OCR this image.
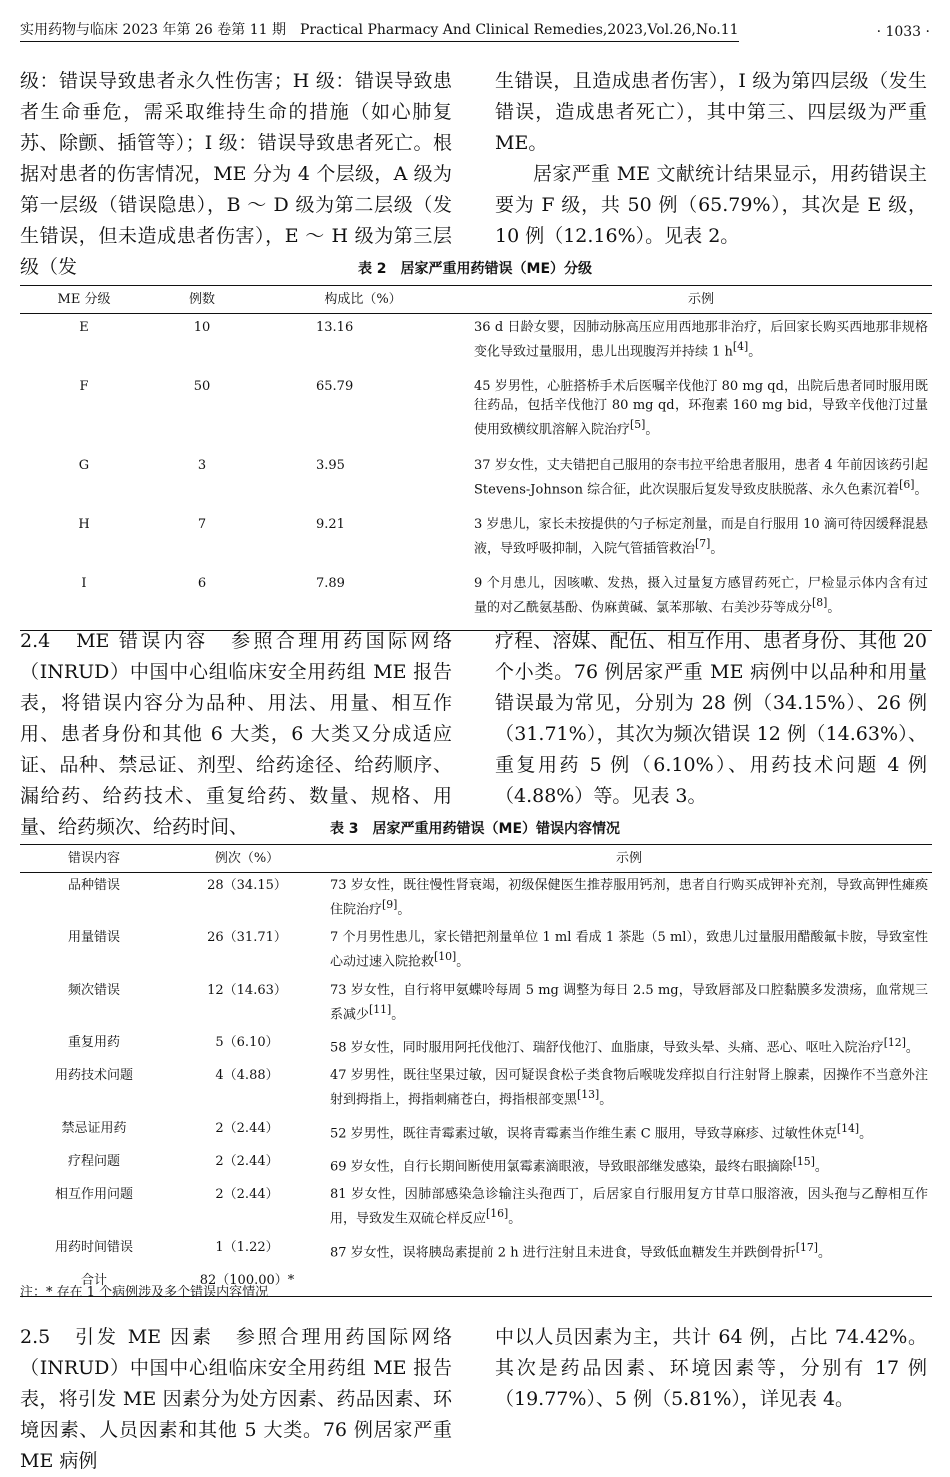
实用药物与临床 2023 年第 26 卷第 11 期　Practical Pharmacy And Clinical Remedies,2023,Vol.26,No.11	· 1033 ·

级：错误导致患者永久性伤害；H 级：错误导致患者生命垂危，需采取维持生命的措施（如心肺复苏、除颤、插管等）；I 级：错误导致患者死亡。根据对患者的伤害情况，ME 分为 4 个层级，A 级为第一层级（错误隐患），B ～ D 级为第二层级（发生错误，但未造成患者伤害），E ～ H 级为第三层级（发

生错误，且造成患者伤害），I 级为第四层级（发生错误，造成患者死亡），其中第三、四层级为严重 ME。

居家严重 ME 文献统计结果显示，用药错误主要为 F 级，共 50 例（65.79%），其次是 E 级，10 例（12.16%）。见表 2。

表 2　居家严重用药错误（ME）分级
ME 分级	例数	构成比（%）	示例
E	10	13.16	36 d 日龄女婴，因肺动脉高压应用西地那非治疗，后回家长购买西地那非规格变化导致过量服用，患儿出现腹泻并持续 1 h[4]。
F	50	65.79	45 岁男性，心脏搭桥手术后医嘱辛伐他汀 80 mg qd，出院后患者同时服用既往药品，包括辛伐他汀 80 mg qd，环孢素 160 mg bid，导致辛伐他汀过量使用致横纹肌溶解入院治疗[5]。
G	3	3.95	37 岁女性，丈夫错把自己服用的奈韦拉平给患者服用，患者 4 年前因该药引起 Stevens-Johnson 综合征，此次误服后复发导致皮肤脱落、永久色素沉着[6]。
H	7	9.21	3 岁患儿，家长未按提供的勺子标定剂量，而是自行服用 10 滴可待因缓释混悬液，导致呼吸抑制，入院气管插管救治[7]。
I	6	7.89	9 个月患儿，因咳嗽、发热，摄入过量复方感冒药死亡，尸检显示体内含有过量的对乙酰氨基酚、伪麻黄碱、氯苯那敏、右美沙芬等成分[8]。

2.4　 ME 错误内容　 参照合理用药国际网络（INRUD）中国中心组临床安全用药组 ME 报告表，将错误内容分为品种、用法、用量、相互作用、患者身份和其他 6 大类，6 大类又分成适应证、品种、禁忌证、剂型、给药途径、给药顺序、漏给药、给药技术、重复给药、数量、规格、用量、给药频次、给药时间、

疗程、溶媒、配伍、相互作用、患者身份、其他 20 个小类。76 例居家严重 ME 病例中以品种和用量错误最为常见，分别为 28 例（34.15%）、26 例（31.71%），其次为频次错误 12 例（14.63%）、重复用药 5 例（6.10%）、用药技术问题 4 例（4.88%）等。见表 3。

表 3　居家严重用药错误（ME）错误内容情况
错误内容	例次（%）	示例
品种错误	28（34.15）	73 岁女性，既往慢性肾衰竭，初级保健医生推荐服用钙剂，患者自行购买成钾补充剂，导致高钾性瘫痪住院治疗[9]。
用量错误	26（31.71）	7 个月男性患儿，家长错把剂量单位 1 ml 看成 1 茶匙（5 ml），致患儿过量服用醋酸氟卡胺，导致室性心动过速入院抢救[10]。
频次错误	12（14.63）	73 岁女性，自行将甲氨蝶呤每周 5 mg 调整为每日 2.5 mg，导致唇部及口腔黏膜多发溃疡，血常规三系减少[11]。
重复用药	5（6.10）	58 岁女性，同时服用阿托伐他汀、瑞舒伐他汀、血脂康，导致头晕、头痛、恶心、呕吐入院治疗[12]。
用药技术问题	4（4.88）	47 岁男性，既往坚果过敏，因可疑误食松子类食物后喉咙发痒拟自行注射肾上腺素，因操作不当意外注射到拇指上，拇指刺痛苍白，拇指根部变黑[13]。
禁忌证用药	2（2.44）	52 岁男性，既往青霉素过敏，误将青霉素当作维生素 C 服用，导致荨麻疹、过敏性休克[14]。
疗程问题	2（2.44）	69 岁女性，自行长期间断使用氯霉素滴眼液，导致眼部继发感染，最终右眼摘除[15]。
相互作用问题	2（2.44）	81 岁女性，因肺部感染急诊输注头孢西丁，后居家自行服用复方甘草口服溶液，因头孢与乙醇相互作用，导致发生双硫仑样反应[16]。
用药时间错误	1（1.22）	87 岁女性，误将胰岛素提前 2 h 进行注射且未进食，导致低血糖发生并跌倒骨折[17]。
合计	82（100.00）*	
注：* 存在 1 个病例涉及多个错误内容情况

2.5　 引发 ME 因素　 参照合理用药国际网络（INRUD）中国中心组临床安全用药组 ME 报告表，将引发 ME 因素分为处方因素、药品因素、环境因素、人员因素和其他 5 大类。76 例居家严重 ME 病例

中以人员因素为主，共计 64 例，占比 74.42%。其次是药品因素、环境因素等，分别有 17 例（19.77%）、5 例（5.81%），详见表 4。
